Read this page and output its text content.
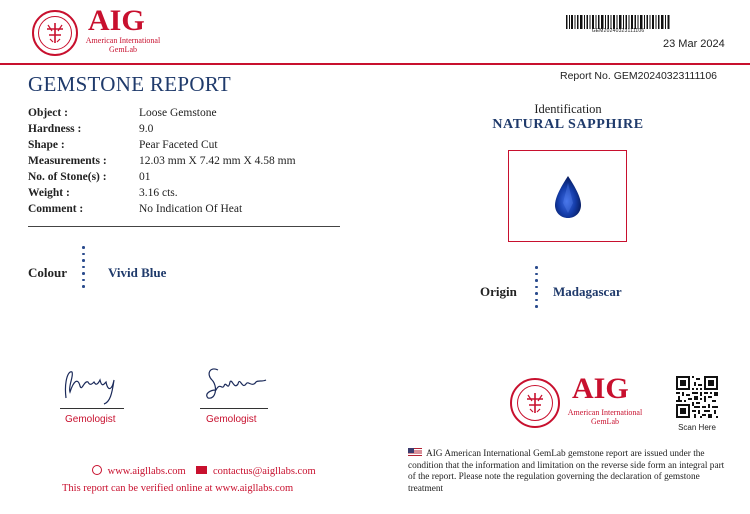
AIG
American International
GemLab
GEM20240323111106
23 Mar 2024
GEMSTONE REPORT
Object :	Loose Gemstone
Hardness :	9.0
Shape :	Pear Faceted Cut
Measurements :	12.03 mm X 7.42 mm X 4.58 mm
No. of Stone(s) :	01
Weight :	3.16 cts.
Comment :	No Indication Of Heat
Colour	Vivid Blue
Gemologist	Gemologist
www.aigllabs.com	contactus@aigllabs.com
This report can be verified online at www.aigllabs.com
Report No. GEM20240323111106
Identification
NATURAL SAPPHIRE
Origin	Madagascar
AIG
American International
GemLab
Scan Here
AIG American International GemLab gemstone report are issued under the condition that the information and limitation on the reverse side form an integral part of the report. Please note the regulation governing the declaration of gemstone treatment
